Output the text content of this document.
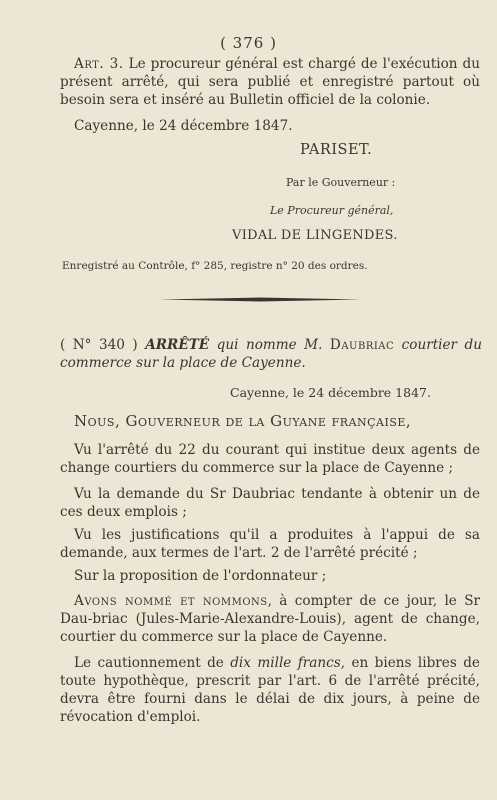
( 376 )
Art. 3. Le procureur général est chargé de l'exécution du présent arrêté, qui sera publié et enregistré partout où besoin sera et inséré au Bulletin officiel de la colonie.
Cayenne, le 24 décembre 1847.
PARISET.
Par le Gouverneur :
Le Procureur général,
VIDAL DE LINGENDES.
Enregistré au Contrôle, f° 285, registre n° 20 des ordres.
( N° 340 ) ARRÊTÉ qui nomme M. Daubriac courtier du commerce sur la place de Cayenne.
Cayenne, le 24 décembre 1847.
Nous, Gouverneur de la Guyane française,
Vu l'arrêté du 22 du courant qui institue deux agents de change courtiers du commerce sur la place de Cayenne ;
Vu la demande du Sr Daubriac tendante à obtenir un de ces deux emplois ;
Vu les justifications qu'il a produites à l'appui de sa demande, aux termes de l'art. 2 de l'arrêté précité ;
Sur la proposition de l'ordonnateur ;
Avons nommé et nommons, à compter de ce jour, le Sr Dau-briac (Jules-Marie-Alexandre-Louis), agent de change, courtier du commerce sur la place de Cayenne.
Le cautionnement de dix mille francs, en biens libres de toute hypothèque, prescrit par l'art. 6 de l'arrêté précité, devra être fourni dans le délai de dix jours, à peine de révocation d'emploi.
